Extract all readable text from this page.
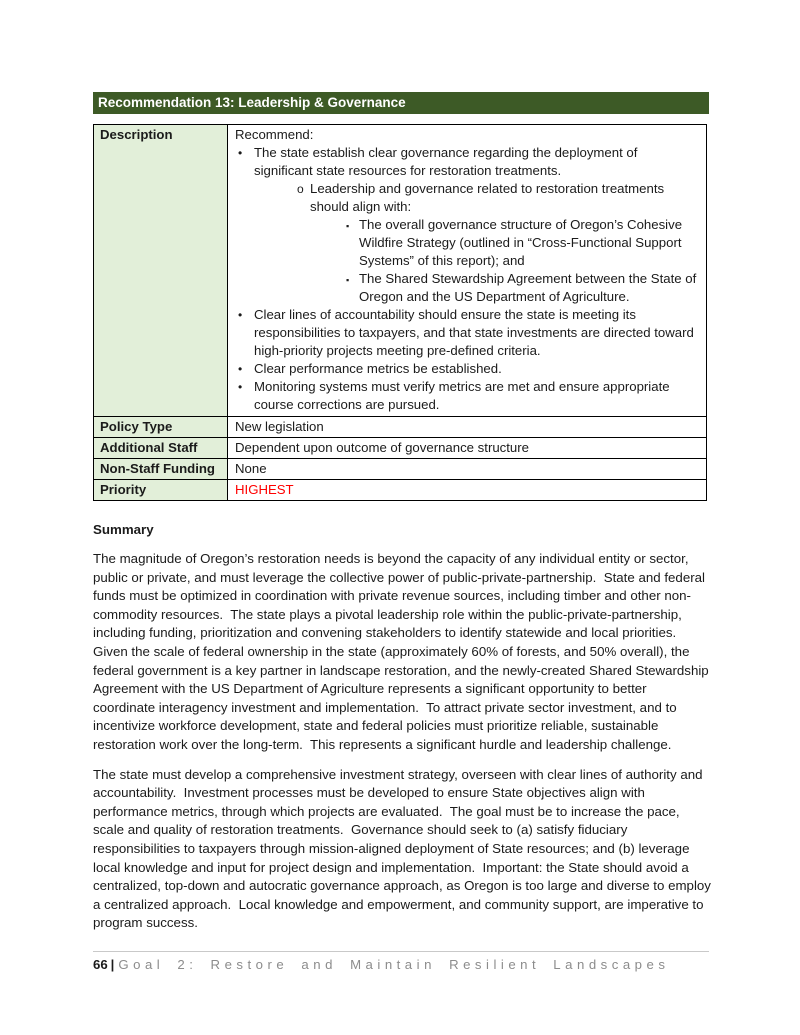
Recommendation 13: Leadership & Governance
Description	Recommend:
• The state establish clear governance regarding the deployment of significant state resources for restoration treatments.
o Leadership and governance related to restoration treatments should align with:
▪ The overall governance structure of Oregon’s Cohesive Wildfire Strategy (outlined in “Cross-Functional Support Systems” of this report); and
▪ The Shared Stewardship Agreement between the State of Oregon and the US Department of Agriculture.
• Clear lines of accountability should ensure the state is meeting its responsibilities to taxpayers, and that state investments are directed toward high-priority projects meeting pre-defined criteria.
• Clear performance metrics be established.
• Monitoring systems must verify metrics are met and ensure appropriate course corrections are pursued.

Policy Type	New legislation
Additional Staff	Dependent upon outcome of governance structure
Non-Staff Funding	None
Priority	HIGHEST
Summary
The magnitude of Oregon’s restoration needs is beyond the capacity of any individual entity or sector, public or private, and must leverage the collective power of public-private-partnership.  State and federal funds must be optimized in coordination with private revenue sources, including timber and other non-commodity resources.  The state plays a pivotal leadership role within the public-private-partnership, including funding, prioritization and convening stakeholders to identify statewide and local priorities.  Given the scale of federal ownership in the state (approximately 60% of forests, and 50% overall), the federal government is a key partner in landscape restoration, and the newly-created Shared Stewardship Agreement with the US Department of Agriculture represents a significant opportunity to better coordinate interagency investment and implementation.  To attract private sector investment, and to incentivize workforce development, state and federal policies must prioritize reliable, sustainable restoration work over the long-term.  This represents a significant hurdle and leadership challenge.
The state must develop a comprehensive investment strategy, overseen with clear lines of authority and accountability.  Investment processes must be developed to ensure State objectives align with performance metrics, through which projects are evaluated.  The goal must be to increase the pace, scale and quality of restoration treatments.  Governance should seek to (a) satisfy fiduciary responsibilities to taxpayers through mission-aligned deployment of State resources; and (b) leverage local knowledge and input for project design and implementation.  Important: the State should avoid a centralized, top-down and autocratic governance approach, as Oregon is too large and diverse to employ a centralized approach.  Local knowledge and empowerment, and community support, are imperative to program success.
66 | Goal 2: Restore and Maintain Resilient Landscapes
